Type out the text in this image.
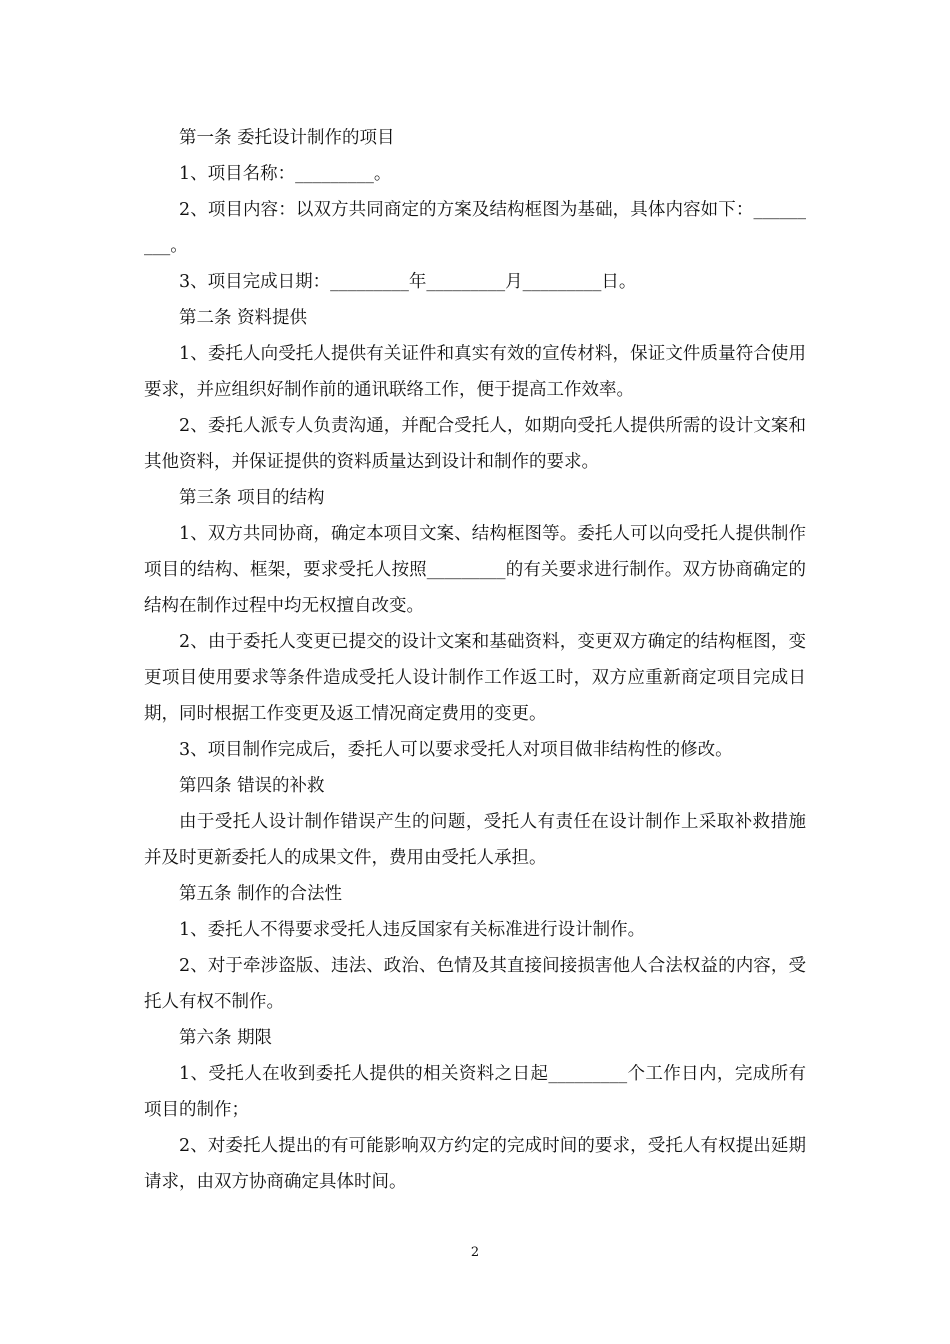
第一条 委托设计制作的项目

1、项目名称：_________。

2、项目内容：以双方共同商定的方案及结构框图为基础，具体内容如下：_________。

3、项目完成日期：_________年_________月_________日。

第二条 资料提供

1、委托人向受托人提供有关证件和真实有效的宣传材料，保证文件质量符合使用要求，并应组织好制作前的通讯联络工作，便于提高工作效率。

2、委托人派专人负责沟通，并配合受托人，如期向受托人提供所需的设计文案和其他资料，并保证提供的资料质量达到设计和制作的要求。

第三条 项目的结构

1、双方共同协商，确定本项目文案、结构框图等。委托人可以向受托人提供制作项目的结构、框架，要求受托人按照_________的有关要求进行制作。双方协商确定的结构在制作过程中均无权擅自改变。

2、由于委托人变更已提交的设计文案和基础资料，变更双方确定的结构框图，变更项目使用要求等条件造成受托人设计制作工作返工时，双方应重新商定项目完成日期，同时根据工作变更及返工情况商定费用的变更。

3、项目制作完成后，委托人可以要求受托人对项目做非结构性的修改。

第四条 错误的补救

由于受托人设计制作错误产生的问题，受托人有责任在设计制作上采取补救措施并及时更新委托人的成果文件，费用由受托人承担。

第五条 制作的合法性

1、委托人不得要求受托人违反国家有关标准进行设计制作。

2、对于牵涉盗版、违法、政治、色情及其直接间接损害他人合法权益的内容，受托人有权不制作。

第六条 期限

1、受托人在收到委托人提供的相关资料之日起_________个工作日内，完成所有项目的制作；

2、对委托人提出的有可能影响双方约定的完成时间的要求，受托人有权提出延期请求，由双方协商确定具体时间。

2
